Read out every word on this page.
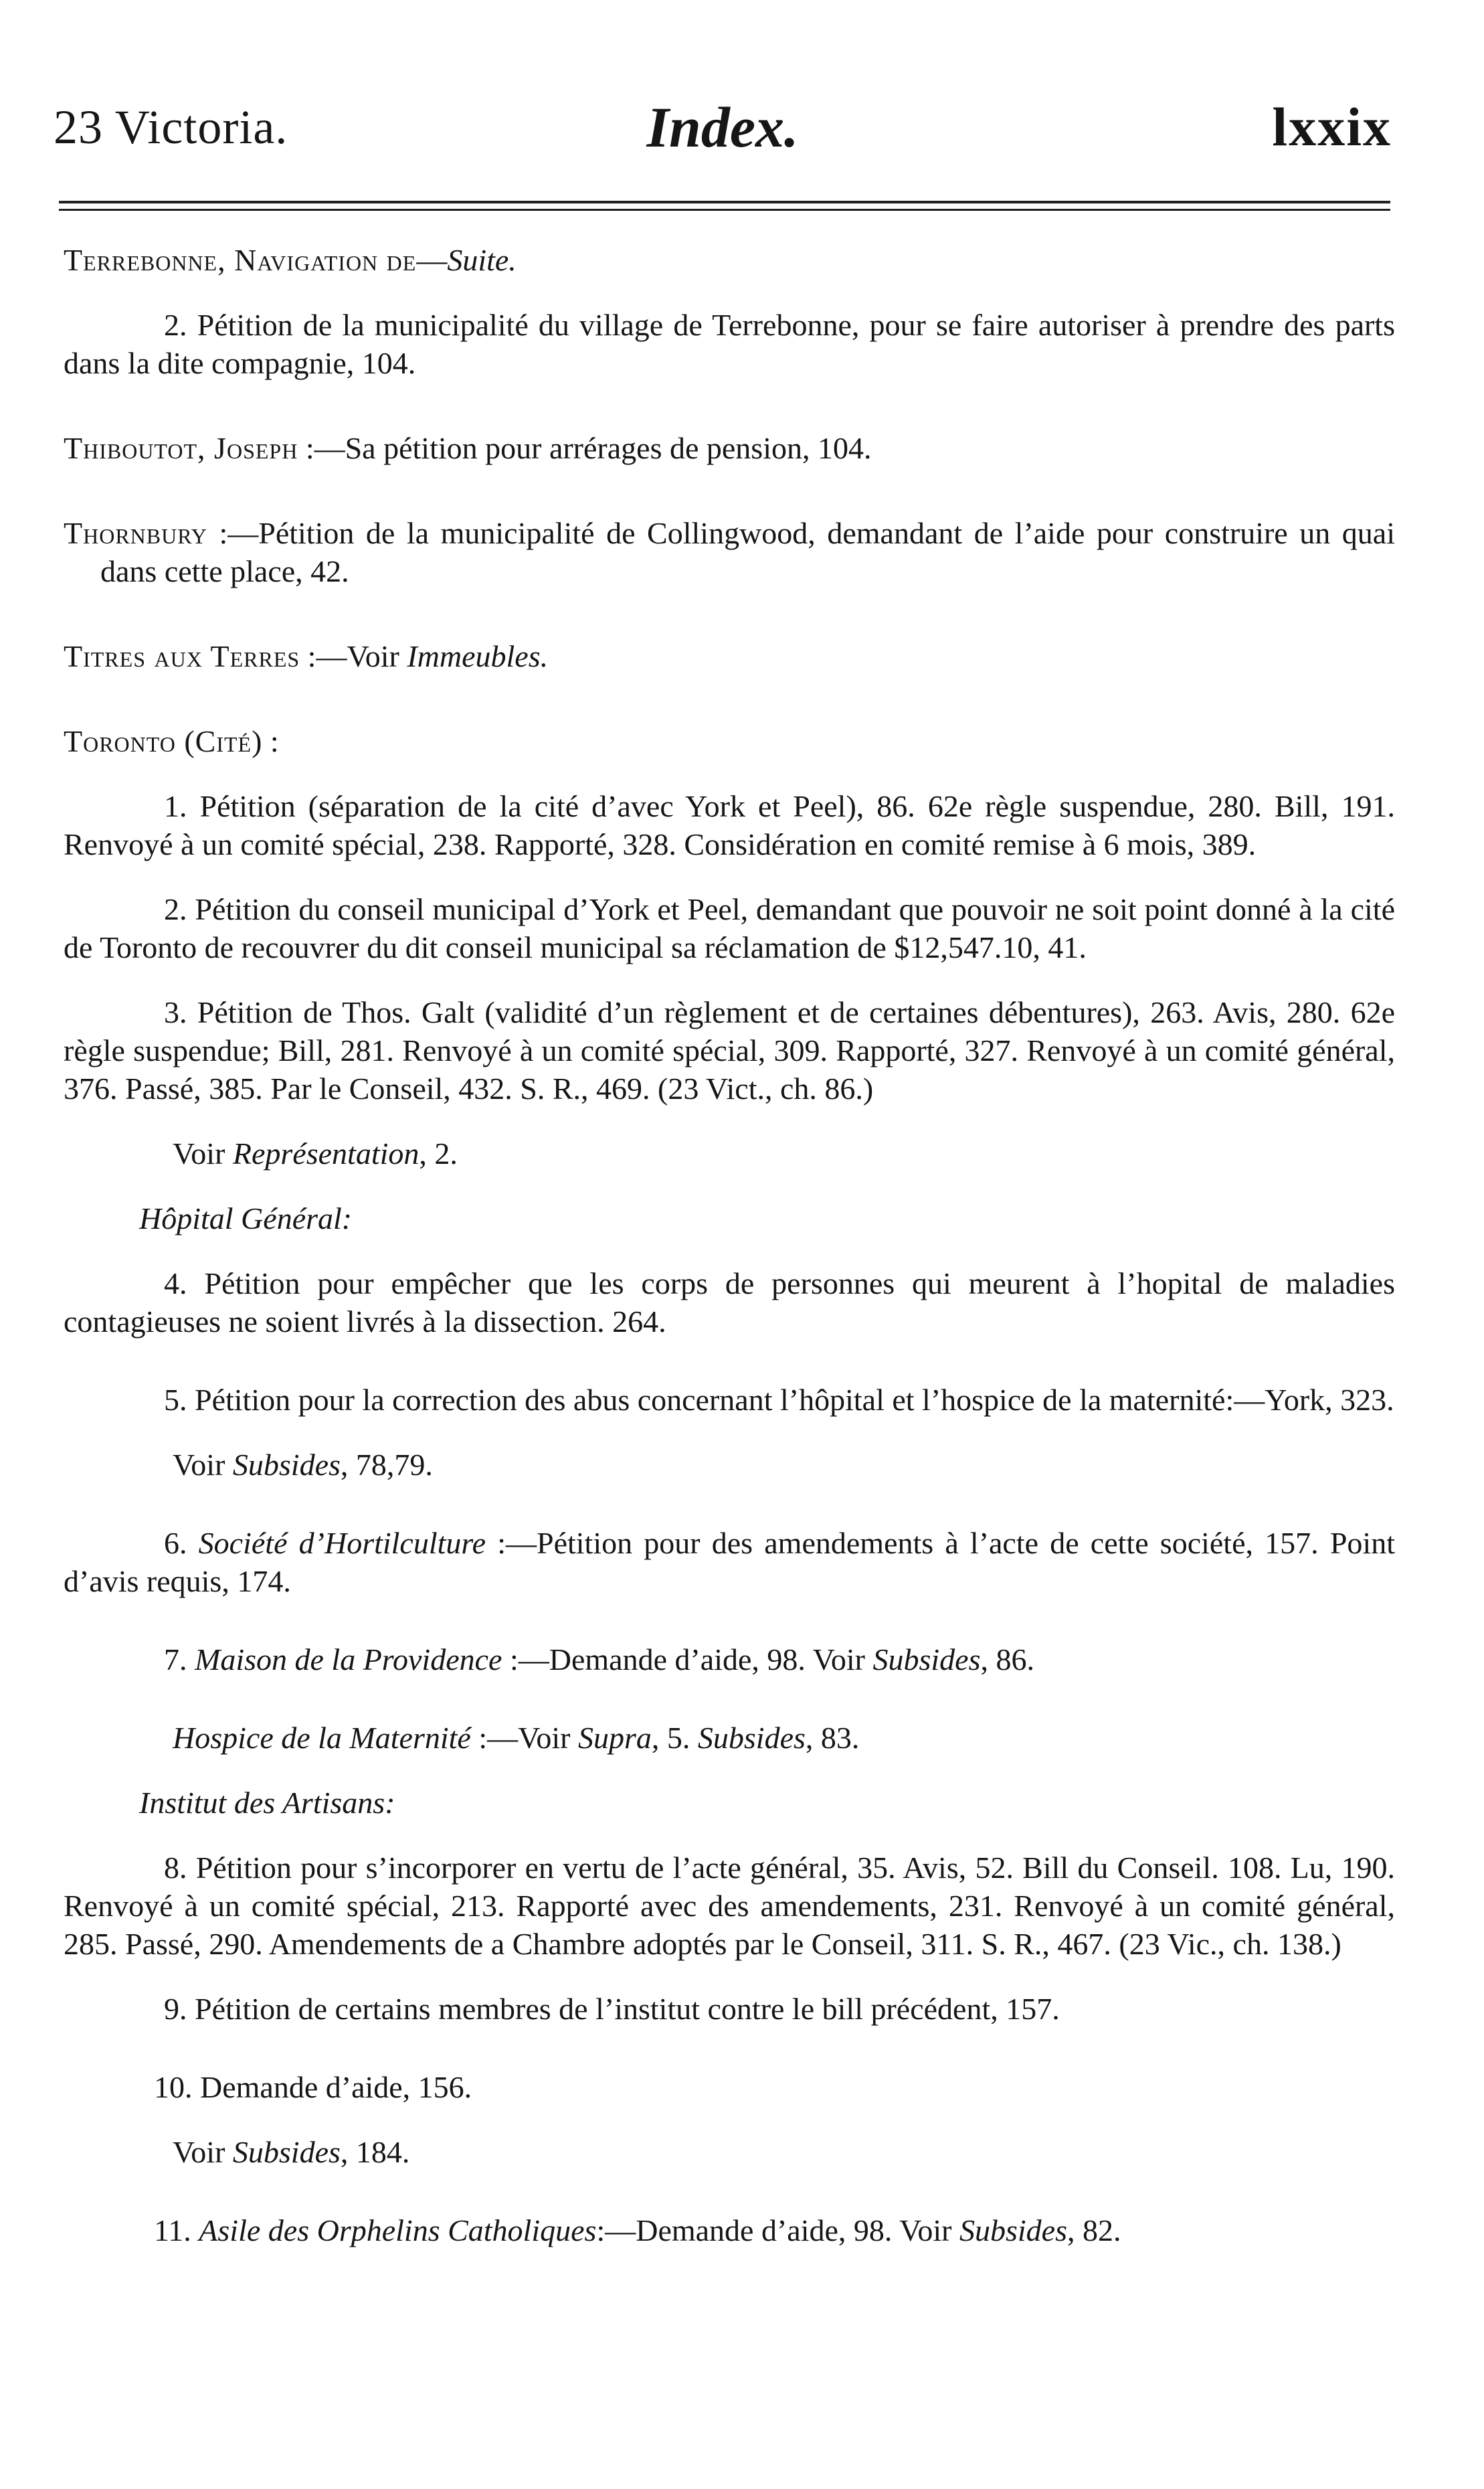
23 Victoria.	Index.	lxxix

Terrebonne, Navigation de—Suite.

2. Pétition de la municipalité du village de Terrebonne, pour se faire autoriser à prendre des parts dans la dite compagnie, 104.

Thiboutot, Joseph :—Sa pétition pour arrérages de pension, 104.

Thornbury :—Pétition de la municipalité de Collingwood, demandant de l’aide pour construire un quai dans cette place, 42.

Titres aux Terres :—Voir Immeubles.

Toronto (Cité) :

1. Pétition (séparation de la cité d’avec York et Peel), 86. 62e règle suspendue, 280. Bill, 191. Renvoyé à un comité spécial, 238. Rapporté, 328. Considération en comité remise à 6 mois, 389.

2. Pétition du conseil municipal d’York et Peel, demandant que pouvoir ne soit point donné à la cité de Toronto de recouvrer du dit conseil municipal sa réclamation de $12,547.10, 41.

3. Pétition de Thos. Galt (validité d’un règlement et de certaines débentures), 263. Avis, 280. 62e règle suspendue; Bill, 281. Renvoyé à un comité spécial, 309. Rapporté, 327. Renvoyé à un comité général, 376. Passé, 385. Par le Conseil, 432. S. R., 469. (23 Vict., ch. 86.)

Voir Représentation, 2.

Hôpital Général:

4. Pétition pour empêcher que les corps de personnes qui meurent à l’hopital de maladies contagieuses ne soient livrés à la dissection. 264.

5. Pétition pour la correction des abus concernant l’hôpital et l’hospice de la maternité:—York, 323.

Voir Subsides, 78,79.

6. Société d’Hortilculture :—Pétition pour des amendements à l’acte de cette société, 157. Point d’avis requis, 174.

7. Maison de la Providence :—Demande d’aide, 98. Voir Subsides, 86.

Hospice de la Maternité :—Voir Supra, 5. Subsides, 83.

Institut des Artisans:

8. Pétition pour s’incorporer en vertu de l’acte général, 35. Avis, 52. Bill du Conseil. 108. Lu, 190. Renvoyé à un comité spécial, 213. Rapporté avec des amendements, 231. Renvoyé à un comité général, 285. Passé, 290. Amendements de a Chambre adoptés par le Conseil, 311. S. R., 467. (23 Vic., ch. 138.)

9. Pétition de certains membres de l’institut contre le bill précédent, 157.

10. Demande d’aide, 156.

Voir Subsides, 184.

11. Asile des Orphelins Catholiques:—Demande d’aide, 98. Voir Subsides, 82.
